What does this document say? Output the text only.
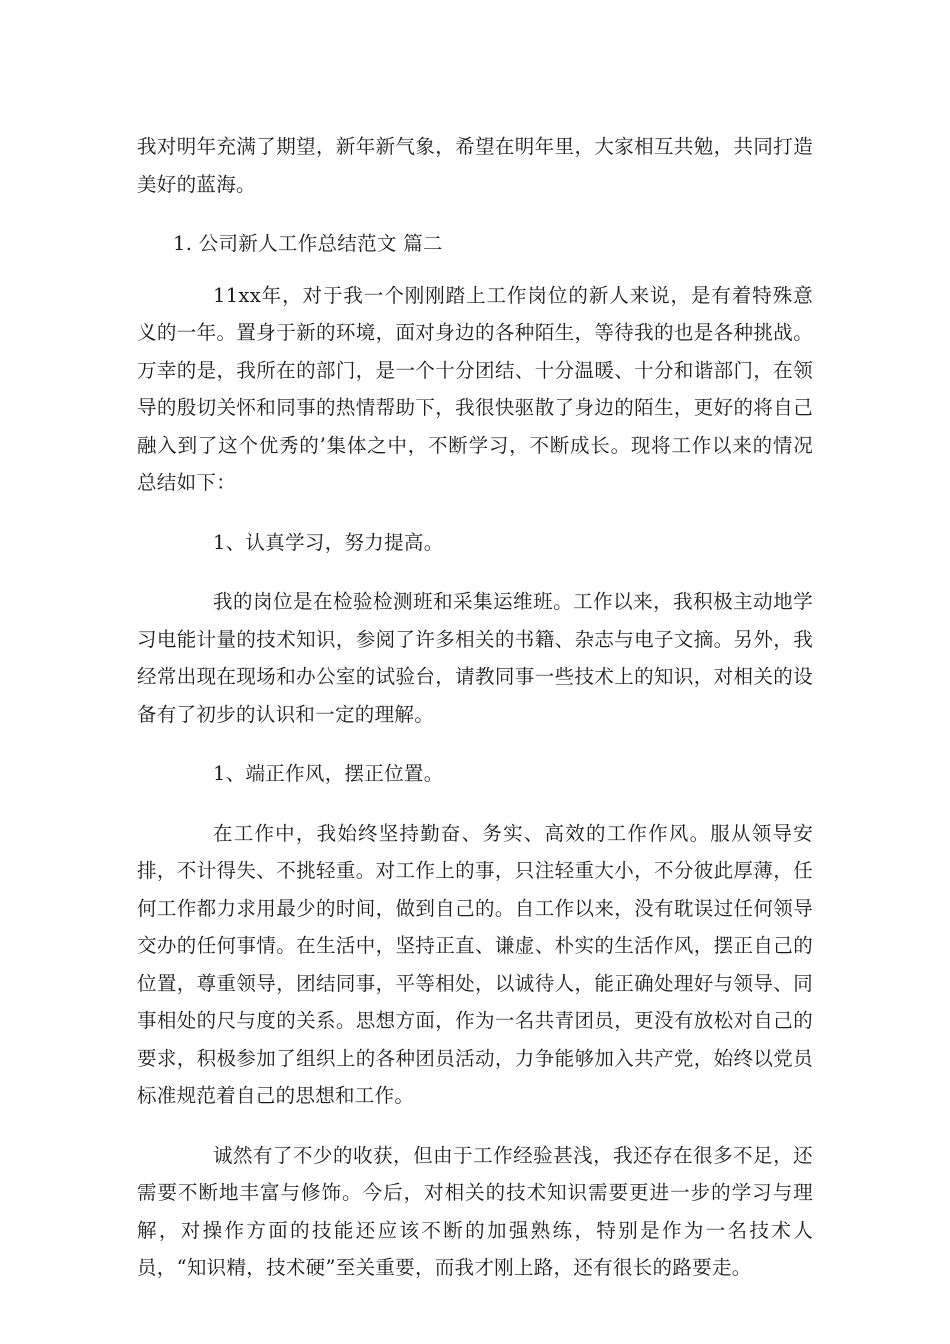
我对明年充满了期望，新年新气象，希望在明年里，大家相互共勉，共同打造美好的蓝海。

1. 公司新人工作总结范文 篇二

11xx年，对于我一个刚刚踏上工作岗位的新人来说，是有着特殊意义的一年。置身于新的环境，面对身边的各种陌生，等待我的也是各种挑战。万幸的是，我所在的部门，是一个十分团结、十分温暖、十分和谐部门，在领导的殷切关怀和同事的热情帮助下，我很快驱散了身边的陌生，更好的将自己融入到了这个优秀的’集体之中，不断学习，不断成长。现将工作以来的情况总结如下：

1、认真学习，努力提高。

我的岗位是在检验检测班和采集运维班。工作以来，我积极主动地学习电能计量的技术知识，参阅了许多相关的书籍、杂志与电子文摘。另外，我经常出现在现场和办公室的试验台，请教同事一些技术上的知识，对相关的设备有了初步的认识和一定的理解。

1、端正作风，摆正位置。

在工作中，我始终坚持勤奋、务实、高效的工作作风。服从领导安排，不计得失、不挑轻重。对工作上的事，只注轻重大小，不分彼此厚薄，任何工作都力求用最少的时间，做到自己的。自工作以来，没有耽误过任何领导交办的任何事情。在生活中，坚持正直、谦虚、朴实的生活作风，摆正自己的位置，尊重领导，团结同事，平等相处，以诚待人，能正确处理好与领导、同事相处的尺与度的关系。思想方面，作为一名共青团员，更没有放松对自己的要求，积极参加了组织上的各种团员活动，力争能够加入共产党，始终以党员标准规范着自己的思想和工作。

诚然有了不少的收获，但由于工作经验甚浅，我还存在很多不足，还需要不断地丰富与修饰。今后，对相关的技术知识需要更进一步的学习与理解，对操作方面的技能还应该不断的加强熟练，特别是作为一名技术人员，“知识精，技术硬”至关重要，而我才刚上路，还有很长的路要走。
